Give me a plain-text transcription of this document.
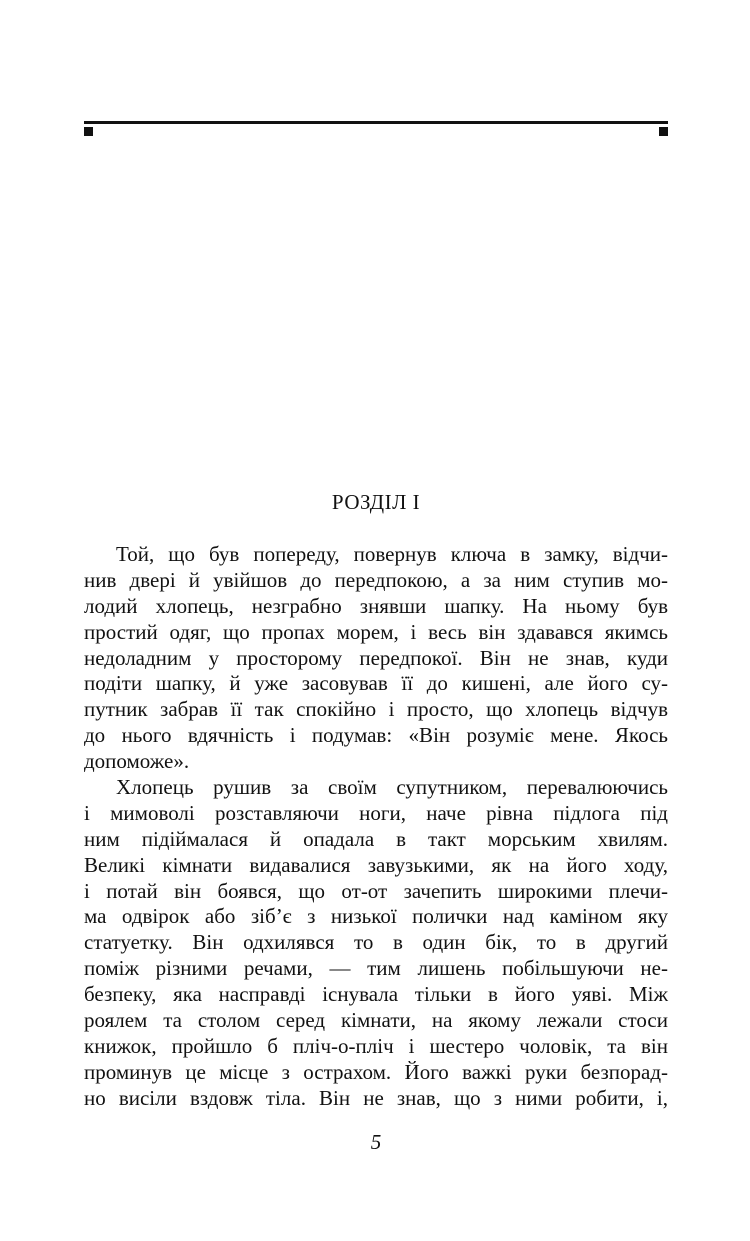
РОЗДІЛ І
Той, що був попереду, повернув ключа в замку, відчи-
нив двері й увійшов до передпокою, а за ним ступив мо-
лодий хлопець, незграбно знявши шапку. На ньому був
простий одяг, що пропах морем, і весь він здавався якимсь
недоладним у просторому передпокої. Він не знав, куди
подіти шапку, й уже засовував її до кишені, але його су-
путник забрав її так спокійно і просто, що хлопець відчув
до нього вдячність і подумав: «Він розуміє мене. Якось
допоможе».
Хлопець рушив за своїм супутником, перевалюючись
і мимоволі розставляючи ноги, наче рівна підлога під
ним підіймалася й опадала в такт морським хвилям.
Великі кімнати видавалися завузькими, як на його ходу,
і потай він боявся, що от-от зачепить широкими плечи-
ма одвірок або зіб’є з низької полички над каміном яку
статуетку. Він одхилявся то в один бік, то в другий
поміж різними речами, — тим лишень побільшуючи не-
безпеку, яка насправді існувала тільки в його уяві. Між
роялем та столом серед кімнати, на якому лежали стоси
книжок, пройшло б пліч-о-пліч і шестеро чоловік, та він
проминув це місце з острахом. Його важкі руки безпорад-
но висіли вздовж тіла. Він не знав, що з ними робити, і,
5
